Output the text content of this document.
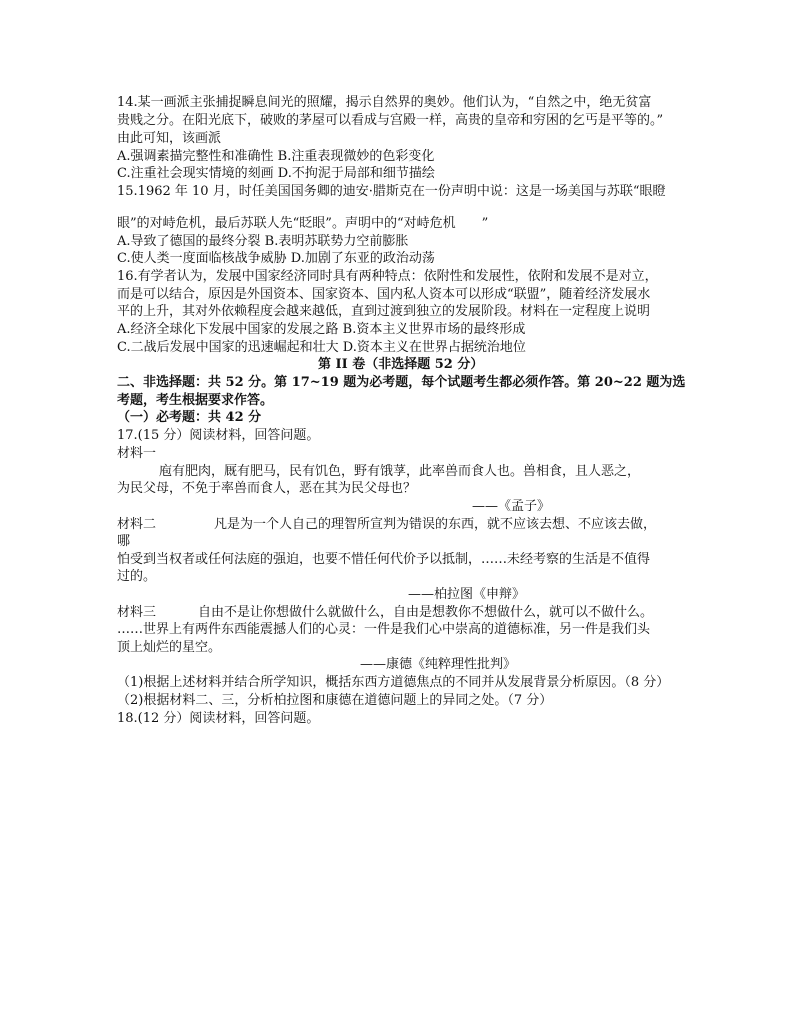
14.某一画派主张捕捉瞬息间光的照耀，揭示自然界的奥妙。他们认为，“自然之中，绝无贫富
贵贱之分。在阳光底下，破败的茅屋可以看成与宫殿一样，高贵的皇帝和穷困的乞丐是平等的。”
由此可知，该画派
A.强调素描完整性和准确性 B.注重表现微妙的色彩变化
C.注重社会现实情境的刻画 D.不拘泥于局部和细节描绘
15.1962 年 10 月，时任美国国务卿的迪安·腊斯克在一份声明中说：这是一场美国与苏联“眼瞪
眼”的对峙危机，最后苏联人先“眨眼”。声明中的“对峙危机　　”
A.导致了德国的最终分裂 B.表明苏联势力空前膨胀
C.使人类一度面临核战争威胁 D.加剧了东亚的政治动荡
16.有学者认为，发展中国家经济同时具有两种特点：依附性和发展性，依附和发展不是对立，
而是可以结合，原因是外国资本、国家资本、国内私人资本可以形成“联盟”，随着经济发展水
平的上升，其对外依赖程度会越来越低，直到过渡到独立的发展阶段。材料在一定程度上说明
A.经济全球化下发展中国家的发展之路 B.资本主义世界市场的最终形成
C.二战后发展中国家的迅速崛起和壮大 D.资本主义在世界占据统治地位
第 II 卷（非选择题 52 分）
二、非选择题：共 52 分。第 17~19 题为必考题，每个试题考生都必须作答。第 20~22 题为选
考题，考生根据要求作答。
（一）必考题：共 42 分
17.(15 分）阅读材料，回答问题。
材料一
庖有肥肉，厩有肥马，民有饥色，野有饿莩，此率兽而食人也。兽相食，且人恶之，
为民父母，不免于率兽而食人，恶在其为民父母也？
——《孟子》
材料二	凡是为一个人自己的理智所宣判为错误的东西，就不应该去想、不应该去做，
哪
怕受到当权者或任何法庭的强迫，也要不惜任何代价予以抵制，……未经考察的生活是不值得
过的。
——柏拉图《申辩》
材料三	自由不是让你想做什么就做什么，自由是想教你不想做什么，就可以不做什么。
……世界上有两件东西能震撼人们的心灵：一件是我们心中崇高的道德标准，另一件是我们头
顶上灿烂的星空。
——康德《纯粹理性批判》
（1)根据上述材料并结合所学知识，概括东西方道德焦点的不同并从发展背景分析原因。（8 分）
（2)根据材料二、三，分析柏拉图和康德在道德问题上的异同之处。（7 分）
18.(12 分）阅读材料，回答问题。
